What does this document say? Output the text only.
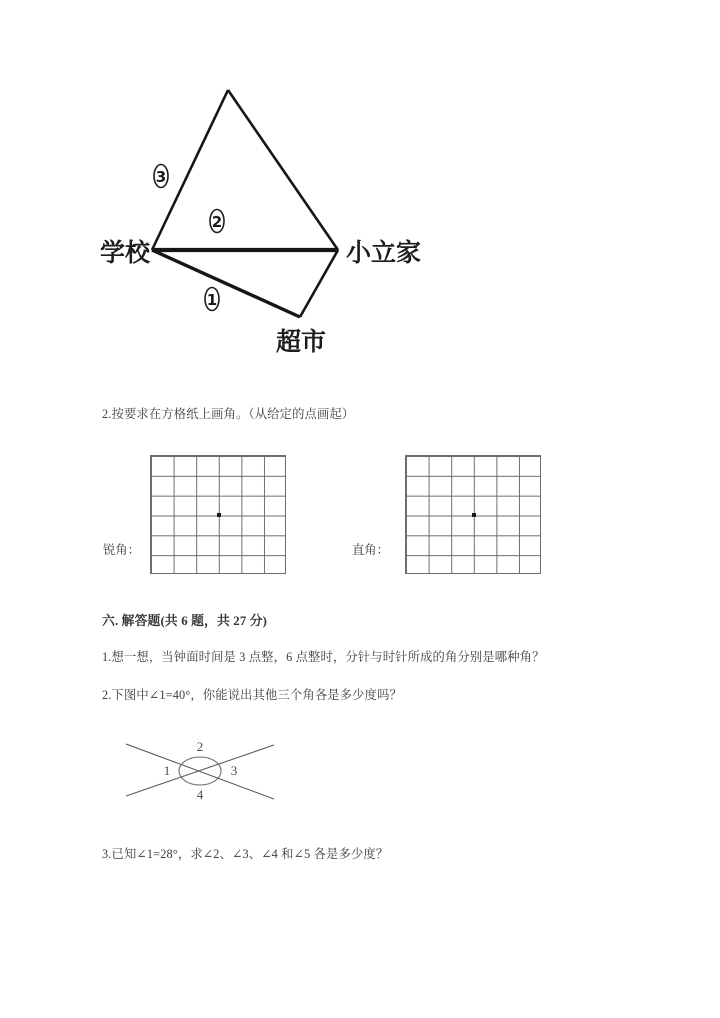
3
2
1
学校	小立家
超市
2.按要求在方格纸上画角。（从给定的点画起）
锐角：	直角：
六. 解答题(共 6 题，共 27 分)
1.想一想，当钟面时间是 3 点整，6 点整时，分针与时针所成的角分别是哪种角？
2.下图中∠1=40°，你能说出其他三个角各是多少度吗？
1
2
3
4
3.已知∠1=28°，求∠2、∠3、∠4 和∠5 各是多少度？
